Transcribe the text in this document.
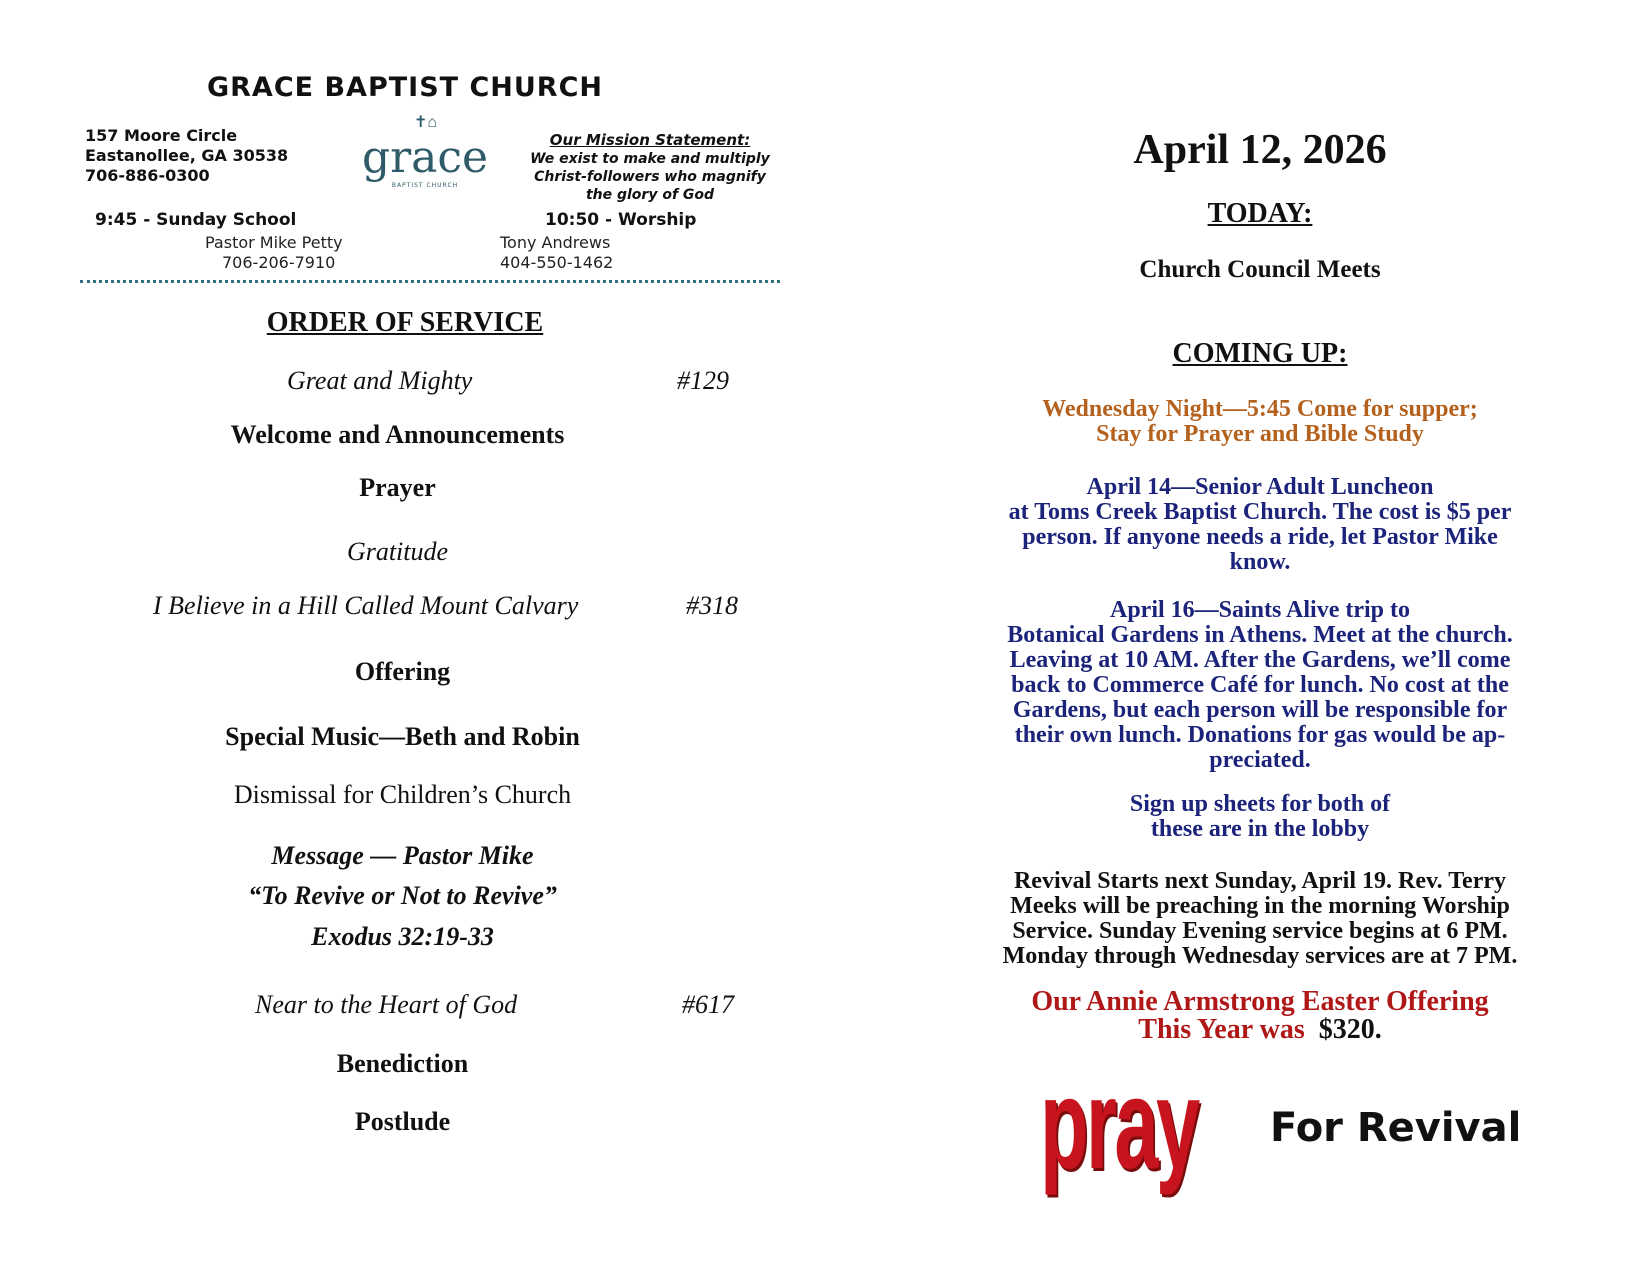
GRACE BAPTIST CHURCH
157 Moore Circle
Eastanollee, GA 30538
706-886-0300
✝⌂
grace
BAPTIST CHURCH
Our Mission Statement:
We exist to make and multiply
Christ-followers who magnify
the glory of God
9:45 - Sunday School	10:50 - Worship
Pastor Mike Petty
706-206-7910
Tony Andrews
404-550-1462
ORDER OF SERVICE
Great and Mighty	#129
Welcome and Announcements
Prayer
Gratitude
I Believe in a Hill Called Mount Calvary	#318
Offering
Special Music—Beth and Robin
Dismissal for Children’s Church
Message — Pastor Mike
“To Revive or Not to Revive”
Exodus 32:19-33
Near to the Heart of God	#617
Benediction
Postlude
April 12, 2026
TODAY:
Church Council Meets
COMING UP:
Wednesday Night—5:45 Come for supper;
Stay for Prayer and Bible Study
April 14—Senior Adult Luncheon
at Toms Creek Baptist Church. The cost is $5 per
person. If anyone needs a ride, let Pastor Mike
know.
April 16—Saints Alive trip to
Botanical Gardens in Athens. Meet at the church.
Leaving at 10 AM. After the Gardens, we’ll come
back to Commerce Café for lunch. No cost at the
Gardens, but each person will be responsible for
their own lunch. Donations for gas would be ap-
preciated.
Sign up sheets for both of
these are in the lobby
Revival Starts next Sunday, April 19. Rev. Terry
Meeks will be preaching in the morning Worship
Service. Sunday Evening service begins at 6 PM.
Monday through Wednesday services are at 7 PM.
Our Annie Armstrong Easter Offering
This Year was $320.
pray For Revival
